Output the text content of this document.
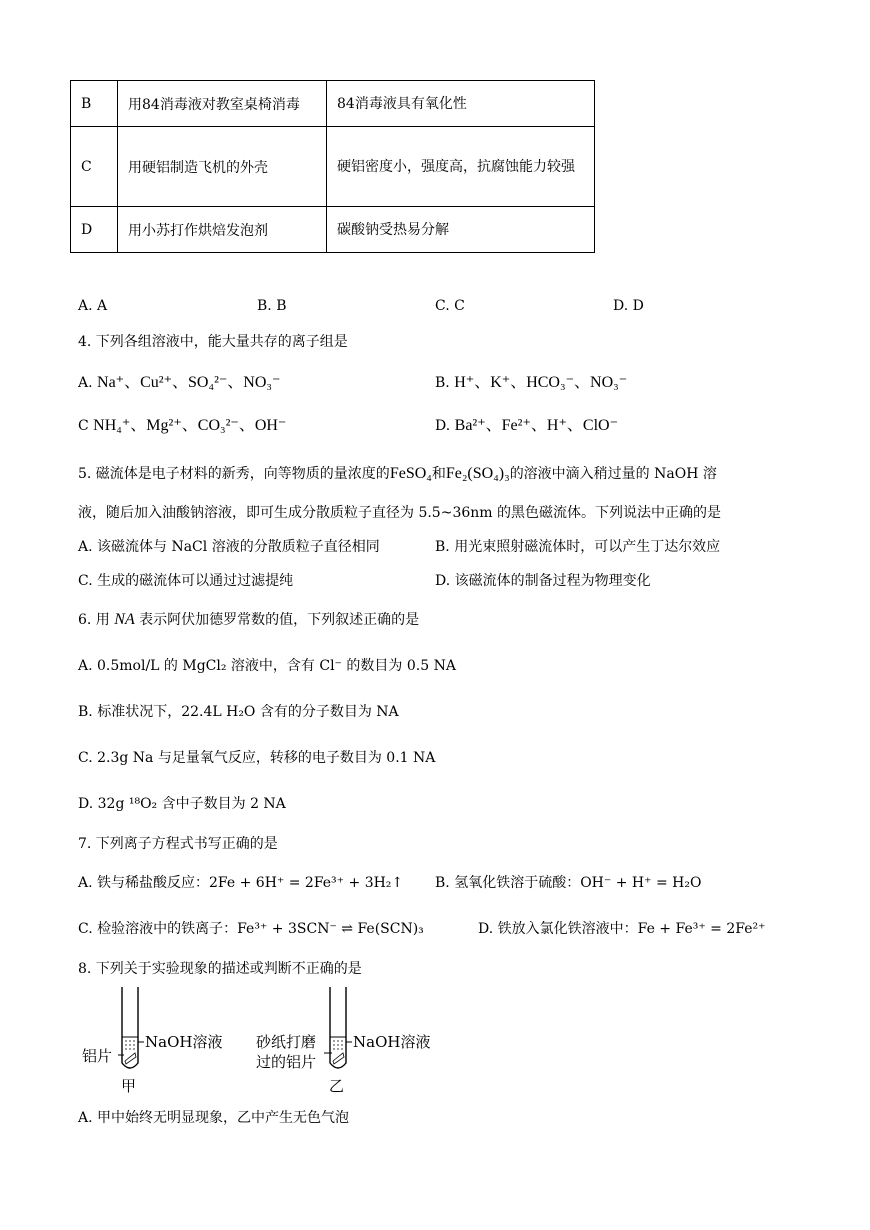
B	用84消毒液对教室桌椅消毒	84消毒液具有氧化性
C	用硬铝制造飞机的外壳	硬铝密度小，强度高，抗腐蚀能力较强
D	用小苏打作烘焙发泡剂	碳酸钠受热易分解
A. A	B. B	C. C	D. D
4. 下列各组溶液中，能大量共存的离子组是
A. Na⁺、Cu²⁺、SO₄²⁻、NO₃⁻	B. H⁺、K⁺、HCO₃⁻、NO₃⁻
C NH₄⁺、Mg²⁺、CO₃²⁻、OH⁻	D. Ba²⁺、Fe²⁺、H⁺、ClO⁻
5. 磁流体是电子材料的新秀，向等物质的量浓度的FeSO₄和Fe₂(SO₄)₃的溶液中滴入稍过量的 NaOH 溶
液，随后加入油酸钠溶液，即可生成分散质粒子直径为 5.5~36nm 的黑色磁流体。下列说法中正确的是
A. 该磁流体与 NaCl 溶液的分散质粒子直径相同	B. 用光束照射磁流体时，可以产生丁达尔效应
C. 生成的磁流体可以通过过滤提纯	D. 该磁流体的制备过程为物理变化
6. 用 NA 表示阿伏加德罗常数的值，下列叙述正确的是
A. 0.5mol/L 的 MgCl₂ 溶液中，含有 Cl⁻ 的数目为 0.5 NA
B. 标准状况下，22.4L H₂O 含有的分子数目为 NA
C. 2.3g Na 与足量氧气反应，转移的电子数目为 0.1 NA
D. 32g ¹⁸O₂ 含中子数目为 2 NA
7. 下列离子方程式书写正确的是
A. 铁与稀盐酸反应：2Fe + 6H⁺ = 2Fe³⁺ + 3H₂↑ B. 氢氧化铁溶于硫酸：OH⁻ + H⁺ = H₂O
C. 检验溶液中的铁离子：Fe³⁺ + 3SCN⁻ ⇌ Fe(SCN)₃	D. 铁放入氯化铁溶液中：Fe + Fe³⁺ = 2Fe²⁺
8. 下列关于实验现象的描述或判断不正确的是
NaOH溶液
铝片
甲
NaOH溶液
砂纸打磨
过的铝片
乙
A. 甲中始终无明显现象，乙中产生无色气泡
